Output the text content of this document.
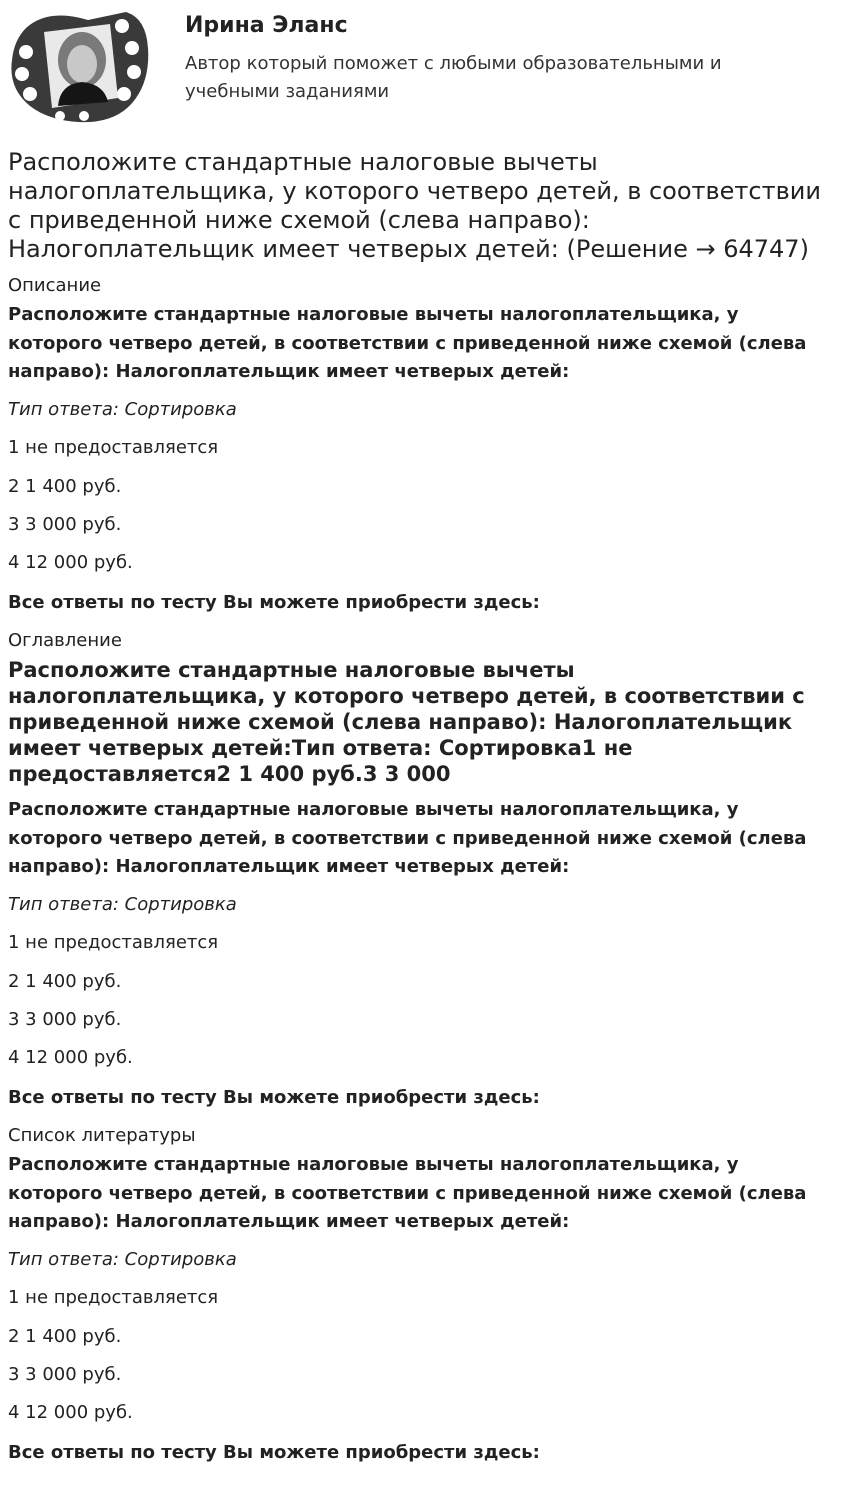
Ирина Эланс

Автор который поможет с любыми образовательными и учебными заданиями

Расположите стандартные налоговые вычеты налогоплательщика, у которого четверо детей, в соответствии с приведенной ниже схемой (слева направо): Налогоплательщик имеет четверых детей: (Решение → 64747)

Описание

Расположите стандартные налоговые вычеты налогоплательщика, у которого четверо детей, в соответствии с приведенной ниже схемой (слева направо): Налогоплательщик имеет четверых детей:

Тип ответа: Сортировка

1 не предоставляется

2 1 400 руб.

3 3 000 руб.

4 12 000 руб.

Все ответы по тесту Вы можете приобрести здесь:

Оглавление

Расположите стандартные налоговые вычеты налогоплательщика, у которого четверо детей, в соответствии с приведенной ниже схемой (слева направо): Налогоплательщик имеет четверых детей:Тип ответа: Сортировка1 не предоставляется2 1 400 руб.3 3 000

Расположите стандартные налоговые вычеты налогоплательщика, у которого четверо детей, в соответствии с приведенной ниже схемой (слева направо): Налогоплательщик имеет четверых детей:

Тип ответа: Сортировка

1 не предоставляется

2 1 400 руб.

3 3 000 руб.

4 12 000 руб.

Все ответы по тесту Вы можете приобрести здесь:

Список литературы

Расположите стандартные налоговые вычеты налогоплательщика, у которого четверо детей, в соответствии с приведенной ниже схемой (слева направо): Налогоплательщик имеет четверых детей:

Тип ответа: Сортировка

1 не предоставляется

2 1 400 руб.

3 3 000 руб.

4 12 000 руб.

Все ответы по тесту Вы можете приобрести здесь:
